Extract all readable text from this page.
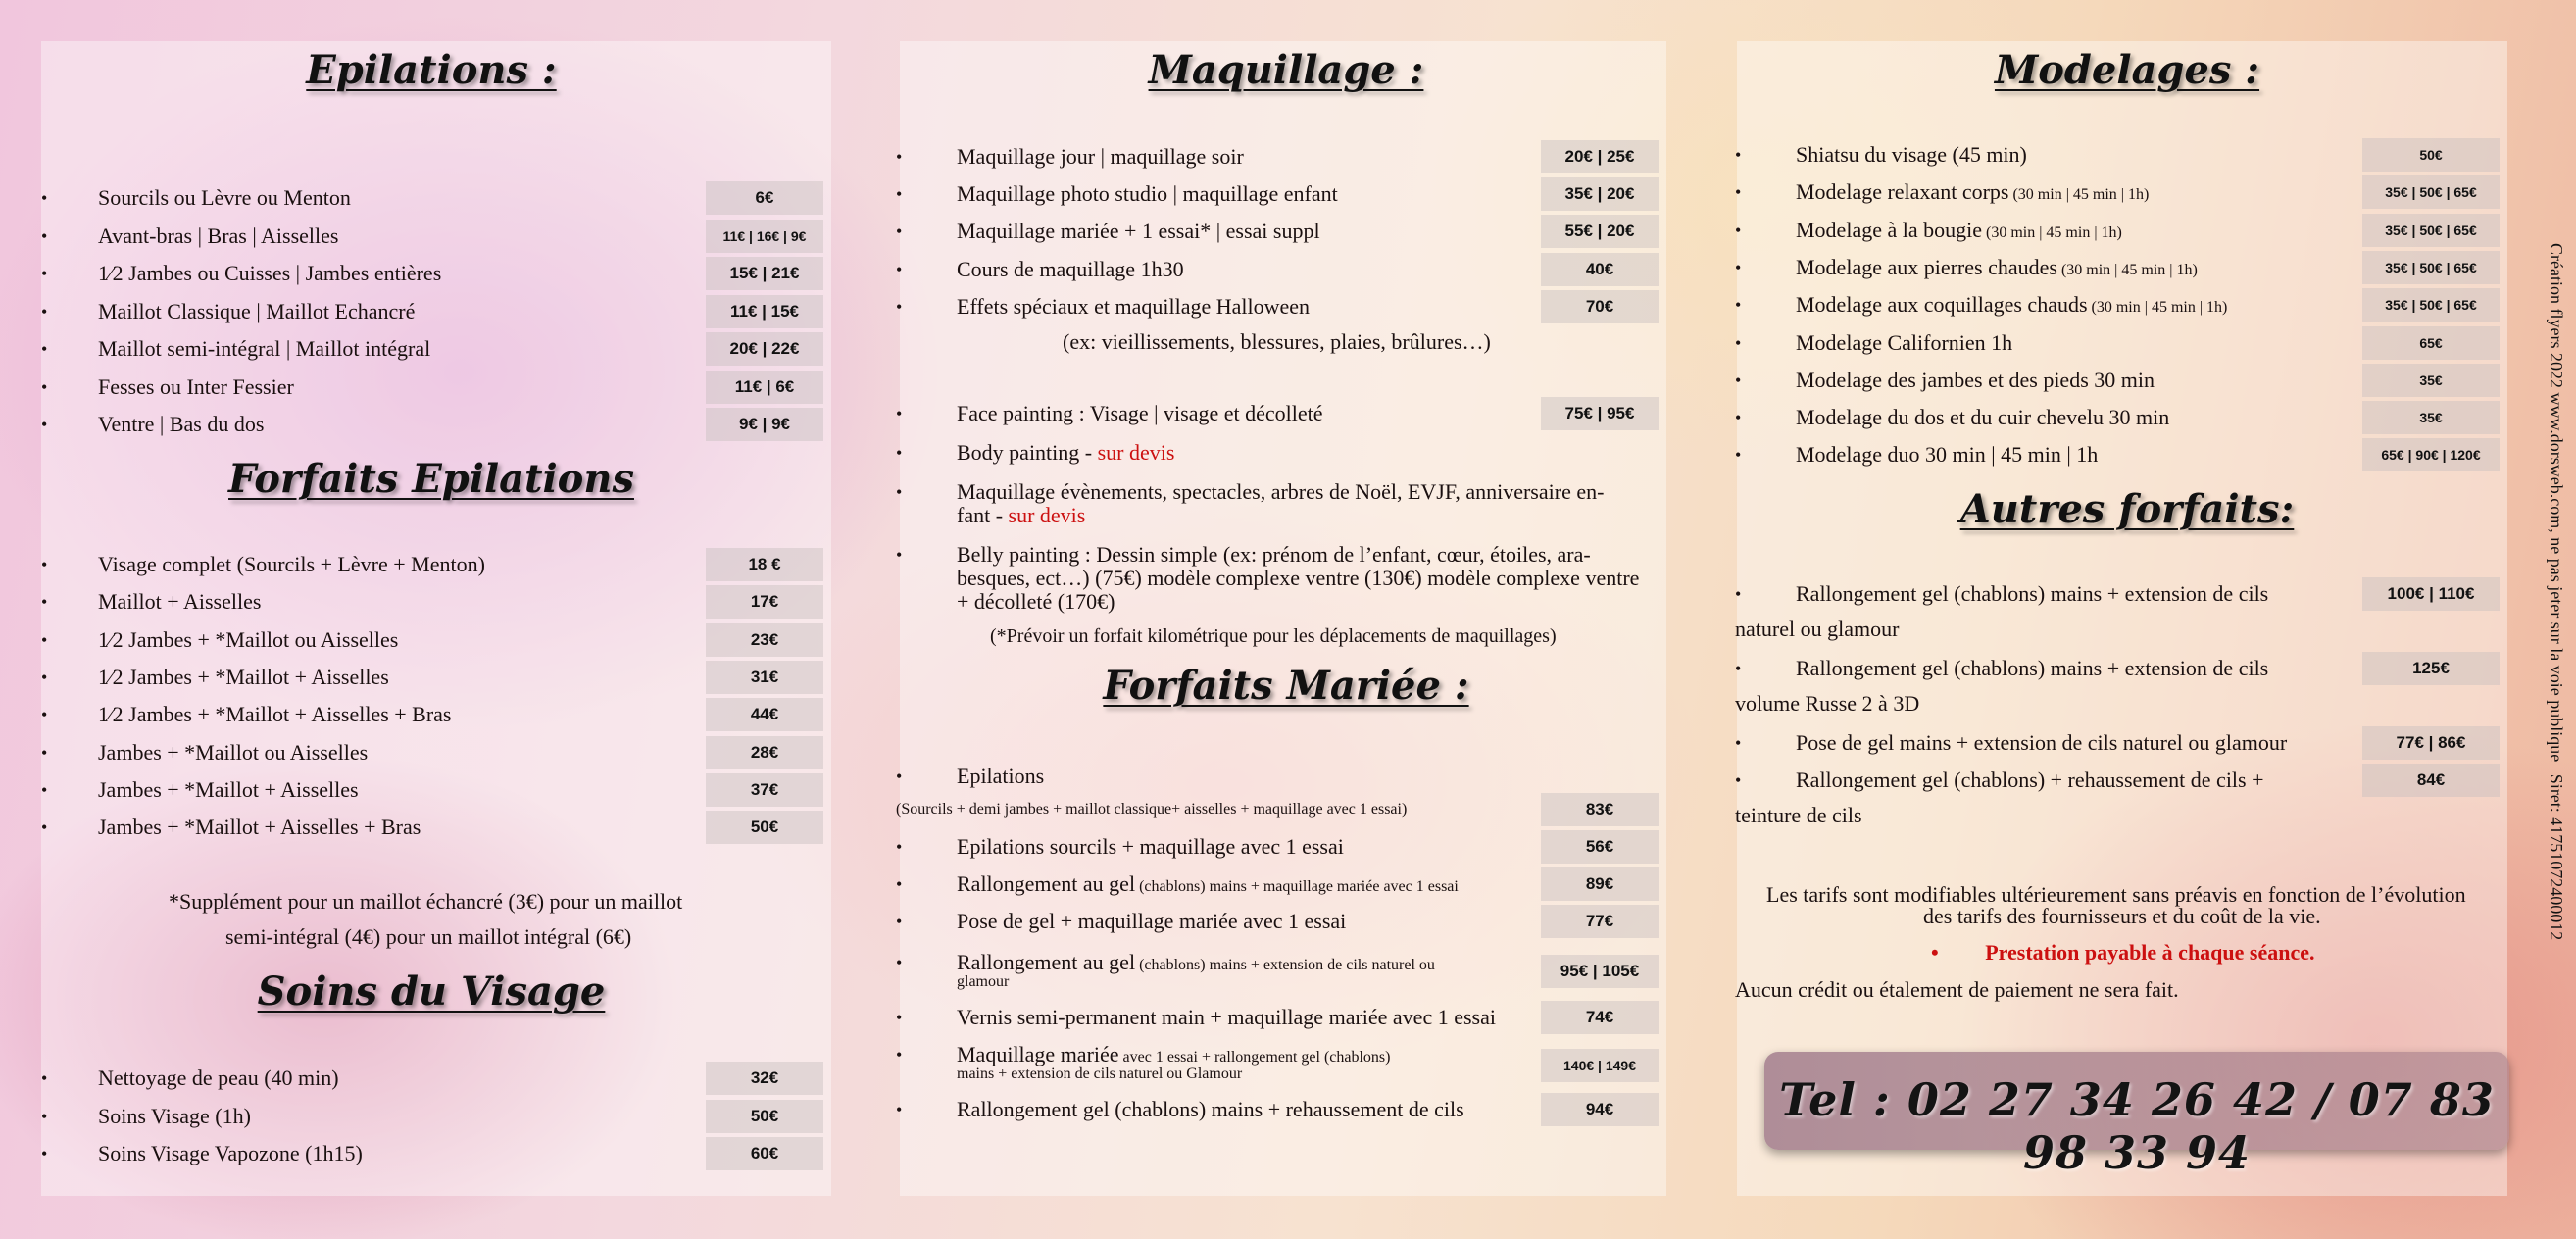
Epilations :
• Sourcils ou Lèvre ou Menton	6€
• Avant-bras | Bras | Aisselles	11€ | 16€ | 9€
• 1⁄2 Jambes ou Cuisses | Jambes entières	15€ | 21€
• Maillot Classique | Maillot Echancré	11€ | 15€
• Maillot semi-intégral | Maillot intégral	20€ | 22€
• Fesses ou Inter Fessier	11€ | 6€
• Ventre | Bas du dos	9€ | 9€
Forfaits Epilations
• Visage complet (Sourcils + Lèvre + Menton)	18 €
• Maillot + Aisselles	17€
• 1⁄2 Jambes + *Maillot ou Aisselles	23€
• 1⁄2 Jambes + *Maillot + Aisselles	31€
• 1⁄2 Jambes + *Maillot + Aisselles + Bras	44€
• Jambes + *Maillot ou Aisselles	28€
• Jambes + *Maillot + Aisselles	37€
• Jambes + *Maillot + Aisselles + Bras	50€
*Supplément pour un maillot échancré (3€) pour un maillot
semi-intégral (4€) pour un maillot intégral (6€)
Soins du Visage
• Nettoyage de peau (40 min)	32€
• Soins Visage (1h)	50€
• Soins Visage Vapozone (1h15)	60€
Maquillage :
•	Maquillage jour | maquillage soir	20€ | 25€
•	Maquillage photo studio | maquillage enfant	35€ | 20€
•	Maquillage mariée + 1 essai* | essai suppl	55€ | 20€
•	Cours de maquillage 1h30	40€
•	Effets spéciaux et maquillage Halloween	70€
(ex: vieillissements, blessures, plaies, brûlures…)
•	Face painting : Visage | visage et décolleté	75€ | 95€
•	Body painting - sur devis
•	Maquillage évènements, spectacles, arbres de Noël, EVJF, anniversaire en-
fant - sur devis
•	Belly painting : Dessin simple (ex: prénom de l’enfant, cœur, étoiles, ara-
besques, ect…) (75€) modèle complexe ventre (130€) modèle complexe ventre
+ décolleté (170€)
(*Prévoir un forfait kilométrique pour les déplacements de maquillages)
Forfaits Mariée :
•	Epilations
(Sourcils + demi jambes + maillot classique+ aisselles + maquillage avec 1 essai)	83€
•	Epilations sourcils + maquillage avec 1 essai	56€
•	Rallongement au gel (chablons) mains + maquillage mariée avec 1 essai	89€
•	Pose de gel + maquillage mariée avec 1 essai	77€
•	Rallongement au gel (chablons) mains + extension de cils naturel ou	95€ | 105€
glamour
•	Vernis semi-permanent main + maquillage mariée avec 1 essai	74€
•	Maquillage mariée avec 1 essai + rallongement gel (chablons)	140€ | 149€
mains + extension de cils naturel ou Glamour
•	Rallongement gel (chablons) mains + rehaussement de cils	94€
Modelages :
•	Shiatsu du visage (45 min)	50€
•	Modelage relaxant corps (30 min | 45 min | 1h)	35€ | 50€ | 65€
•	Modelage à la bougie (30 min | 45 min | 1h)	35€ | 50€ | 65€
•	Modelage aux pierres chaudes (30 min | 45 min | 1h)	35€ | 50€ | 65€
•	Modelage aux coquillages chauds (30 min | 45 min | 1h)	35€ | 50€ | 65€
•	Modelage Californien 1h	65€
•	Modelage des jambes et des pieds 30 min	35€
•	Modelage du dos et du cuir chevelu 30 min	35€
•	Modelage duo 30 min | 45 min | 1h	65€ | 90€ | 120€
Autres forfaits:
•	Rallongement gel (chablons) mains + extension de cils	100€ | 110€
naturel ou glamour
•	Rallongement gel (chablons) mains + extension de cils	125€
volume Russe 2 à 3D
•	Pose de gel mains + extension de cils naturel ou glamour	77€ | 86€
•	Rallongement gel (chablons) + rehaussement de cils +	84€
teinture de cils
Les tarifs sont modifiables ultérieurement sans préavis en fonction de l’évolution
des tarifs des fournisseurs et du coût de la vie.
• Prestation payable à chaque séance.
Aucun crédit ou étalement de paiement ne sera fait.
Tel : 02 27 34 26 42 / 07 83 98 33 94
Création flyers 2022 www.dorsweb.com, ne pas jeter sur la voie publique | Siret: 41751072400012
